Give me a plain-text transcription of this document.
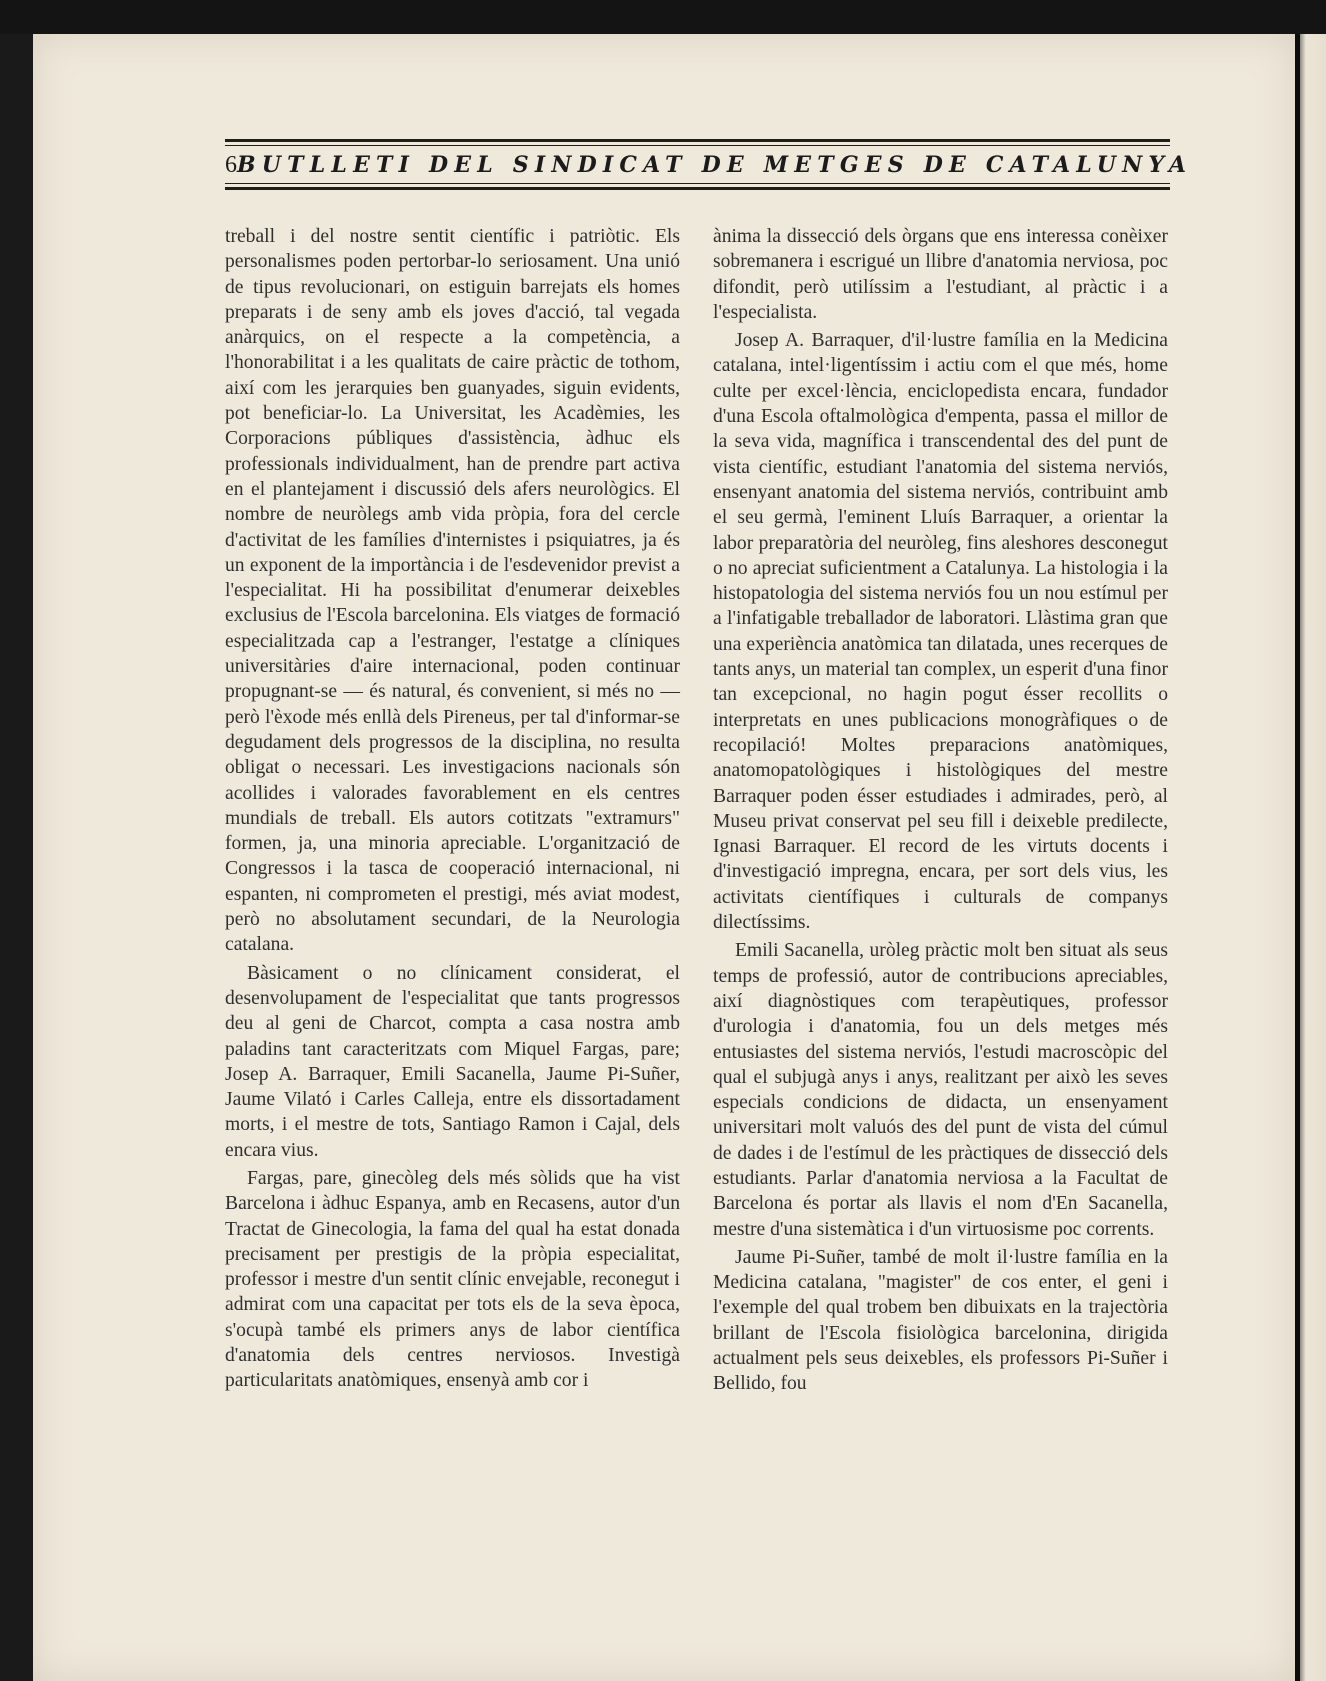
6 BUTLLETI DEL SINDICAT DE METGES DE CATALUNYA

treball i del nostre sentit científic i patriòtic. Els personalismes poden pertorbar-lo seriosament. Una unió de tipus revolucionari, on estiguin barrejats els homes preparats i de seny amb els joves d'acció, tal vegada anàrquics, on el respecte a la competència, a l'honorabilitat i a les qualitats de caire pràctic de tothom, així com les jerarquies ben guanyades, siguin evidents, pot beneficiar-lo. La Universitat, les Acadèmies, les Corporacions públiques d'assistència, àdhuc els professionals individualment, han de prendre part activa en el plantejament i discussió dels afers neurològics. El nombre de neuròlegs amb vida pròpia, fora del cercle d'activitat de les famílies d'internistes i psiquiatres, ja és un exponent de la importància i de l'esdevenidor previst a l'especialitat. Hi ha possibilitat d'enumerar deixebles exclusius de l'Escola barcelonina. Els viatges de formació especialitzada cap a l'estranger, l'estatge a clíniques universitàries d'aire internacional, poden continuar propugnant-se — és natural, és convenient, si més no — però l'èxode més enllà dels Pireneus, per tal d'informar-se degudament dels progressos de la disciplina, no resulta obligat o necessari. Les investigacions nacionals són acollides i valorades favorablement en els centres mundials de treball. Els autors cotitzats "extramurs" formen, ja, una minoria apreciable. L'organització de Congressos i la tasca de cooperació internacional, ni espanten, ni comprometen el prestigi, més aviat modest, però no absolutament secundari, de la Neurologia catalana.

Bàsicament o no clínicament considerat, el desenvolupament de l'especialitat que tants progressos deu al geni de Charcot, compta a casa nostra amb paladins tant caracteritzats com Miquel Fargas, pare; Josep A. Barraquer, Emili Sacanella, Jaume Pi-Suñer, Jaume Vilató i Carles Calleja, entre els dissortadament morts, i el mestre de tots, Santiago Ramon i Cajal, dels encara vius.

Fargas, pare, ginecòleg dels més sòlids que ha vist Barcelona i àdhuc Espanya, amb en Recasens, autor d'un Tractat de Ginecologia, la fama del qual ha estat donada precisament per prestigis de la pròpia especialitat, professor i mestre d'un sentit clínic envejable, reconegut i admirat com una capacitat per tots els de la seva època, s'ocupà també els primers anys de labor científica d'anatomia dels centres nerviosos. Investigà particularitats anatòmiques, ensenyà amb cor i

ànima la dissecció dels òrgans que ens interessa conèixer sobremanera i escrigué un llibre d'anatomia nerviosa, poc difondit, però utilíssim a l'estudiant, al pràctic i a l'especialista.

Josep A. Barraquer, d'il·lustre família en la Medicina catalana, intel·ligentíssim i actiu com el que més, home culte per excel·lència, enciclopedista encara, fundador d'una Escola oftalmològica d'empenta, passa el millor de la seva vida, magnífica i transcendental des del punt de vista científic, estudiant l'anatomia del sistema nerviós, ensenyant anatomia del sistema nerviós, contribuint amb el seu germà, l'eminent Lluís Barraquer, a orientar la labor preparatòria del neuròleg, fins aleshores desconegut o no apreciat suficientment a Catalunya. La histologia i la histopatologia del sistema nerviós fou un nou estímul per a l'infatigable treballador de laboratori. Llàstima gran que una experiència anatòmica tan dilatada, unes recerques de tants anys, un material tan complex, un esperit d'una finor tan excepcional, no hagin pogut ésser recollits o interpretats en unes publicacions monogràfiques o de recopilació! Moltes preparacions anatòmiques, anatomopatològiques i histològiques del mestre Barraquer poden ésser estudiades i admirades, però, al Museu privat conservat pel seu fill i deixeble predilecte, Ignasi Barraquer. El record de les virtuts docents i d'investigació impregna, encara, per sort dels vius, les activitats científiques i culturals de companys dilectíssims.

Emili Sacanella, uròleg pràctic molt ben situat als seus temps de professió, autor de contribucions apreciables, així diagnòstiques com terapèutiques, professor d'urologia i d'anatomia, fou un dels metges més entusiastes del sistema nerviós, l'estudi macroscòpic del qual el subjugà anys i anys, realitzant per això les seves especials condicions de didacta, un ensenyament universitari molt valuós des del punt de vista del cúmul de dades i de l'estímul de les pràctiques de dissecció dels estudiants. Parlar d'anatomia nerviosa a la Facultat de Barcelona és portar als llavis el nom d'En Sacanella, mestre d'una sistemàtica i d'un virtuosisme poc corrents.

Jaume Pi-Suñer, també de molt il·lustre família en la Medicina catalana, "magister" de cos enter, el geni i l'exemple del qual trobem ben dibuixats en la trajectòria brillant de l'Escola fisiològica barcelonina, dirigida actualment pels seus deixebles, els professors Pi-Suñer i Bellido, fou
